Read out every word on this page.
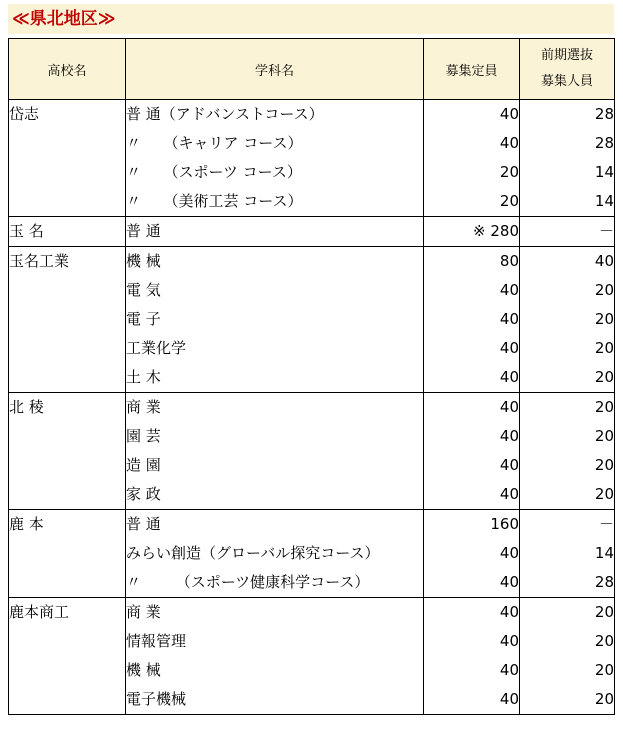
≪県北地区≫
高校名	学科名	募集定員	前期選抜
募集人員

岱志	普 通（アドバンストコース）	40	28
	〃　　（キャリア コース）	40	28
	〃　　（スポーツ コース）	20	14
	〃　　（美術工芸 コース）	20	14
玉 名	普 通	※ 280	－
玉名工業	機 械	80	40
	電 気	40	20
	電 子	40	20
	工業化学	40	20
	土 木	40	20
北 稜	商 業	40	20
	園 芸	40	20
	造 園	40	20
	家 政	40	20
鹿 本	普 通	160	－
	みらい創造（グローバル探究コース）	40	14
	〃　　 （スポーツ健康科学コース）	40	28
鹿本商工	商 業	40	20
	情報管理	40	20
	機 械	40	20
	電子機械	40	20
